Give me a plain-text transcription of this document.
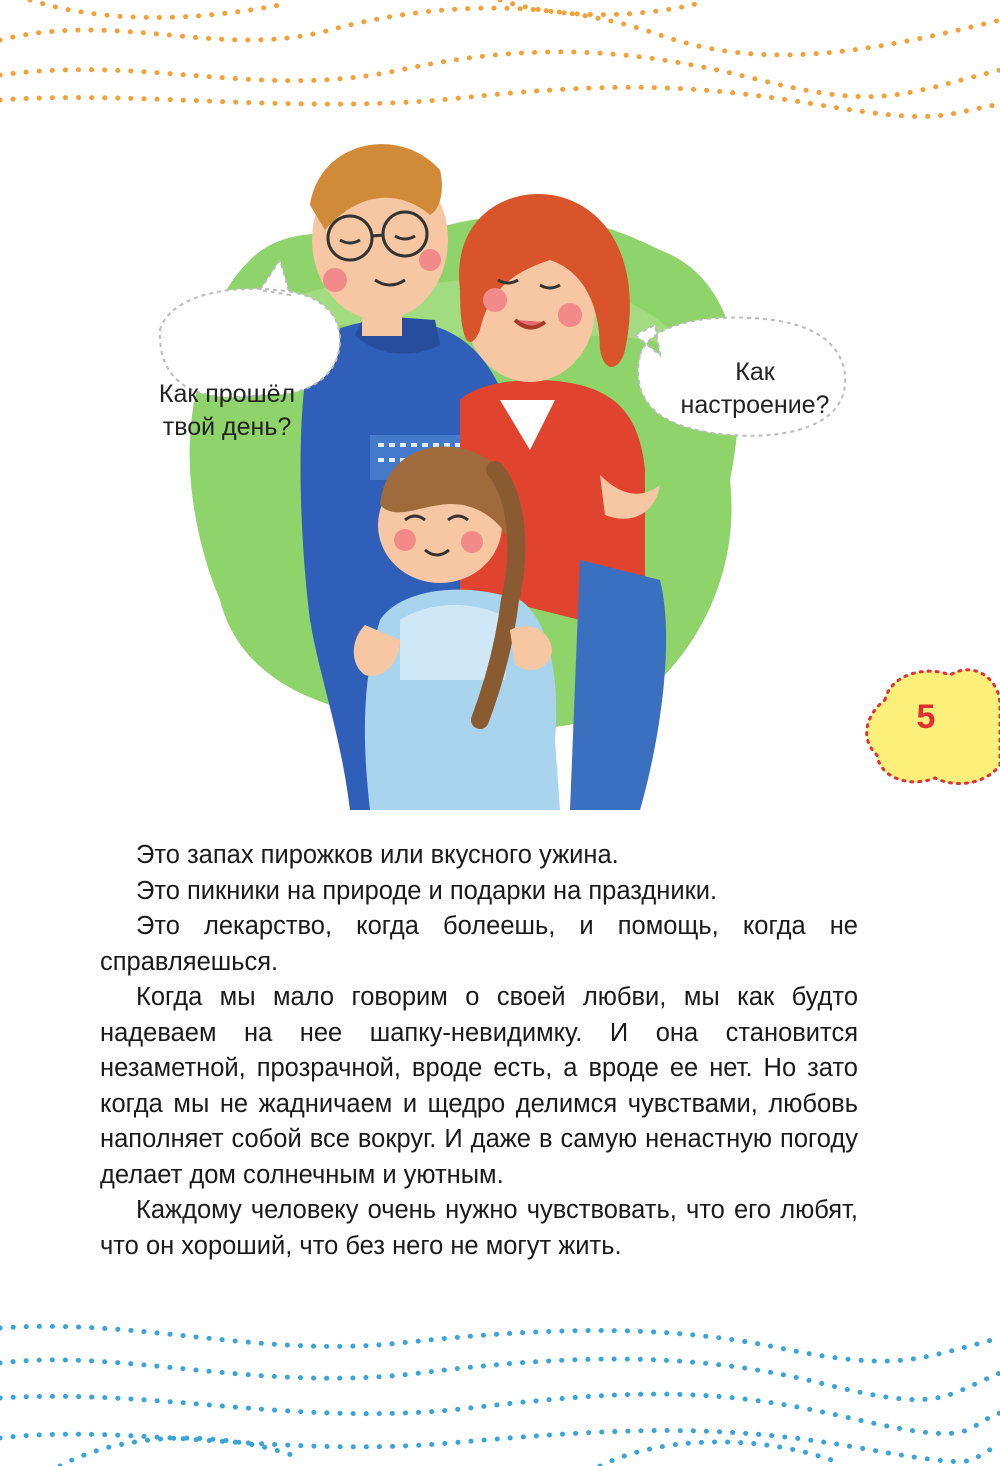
Как прошёл
твой день?
Как
настроение?
5

Это запах пирожков или вкусного ужина.

Это пикники на природе и подарки на праздники.

Это лекарство, когда болеешь, и помощь, когда не справляешься.

Когда мы мало говорим о своей любви, мы как будто надеваем на нее шапку-невидимку. И она становится незаметной, прозрачной, вроде есть, а вроде ее нет. Но зато когда мы не жадничаем и щедро делимся чувствами, любовь наполняет собой все вокруг. И даже в самую ненастную погоду делает дом солнечным и уютным.

Каждому человеку очень нужно чувствовать, что его любят, что он хороший, что без него не могут жить.
